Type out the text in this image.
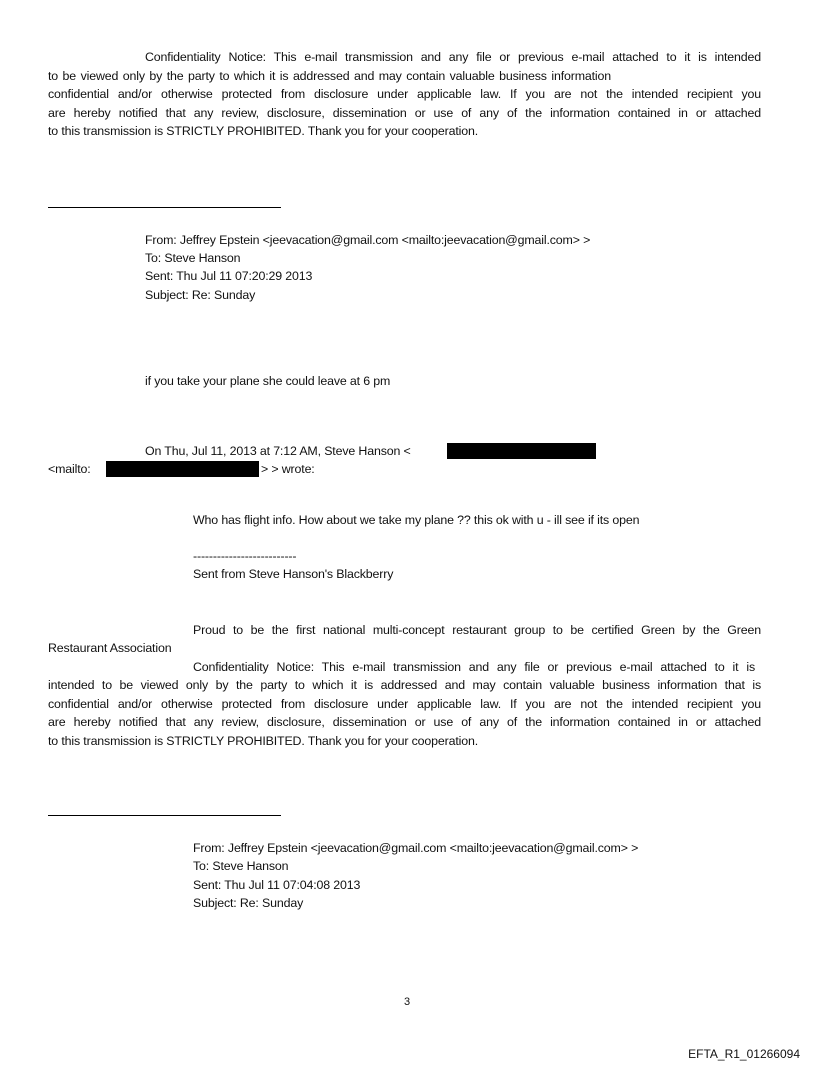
Confidentiality Notice: This e-mail transmission and any file or previous e-mail attached to it is intended
to be viewed only by the party to which it is addressed and may contain valuable business information
confidential and/or otherwise protected from disclosure under applicable law. If you are not the intended recipient you
are hereby notified that any review, disclosure, dissemination or use of any of the information contained in or attached
to this transmission is STRICTLY PROHIBITED. Thank you for your cooperation.
From: Jeffrey Epstein <jeevacation@gmail.com <mailto:jeevacation@gmail.com> >
To: Steve Hanson
Sent: Thu Jul 11 07:20:29 2013
Subject: Re: Sunday
if you take your plane she could leave at 6 pm
On Thu, Jul 11, 2013 at 7:12 AM, Steve Hanson <
<mailto:	> > wrote:
Who has flight info. How about we take my plane ?? this ok with u - ill see if its open
--------------------------
Sent from Steve Hanson's Blackberry
Proud to be the first national multi-concept restaurant group to be certified Green by the Green
Restaurant Association
Confidentiality Notice: This e-mail transmission and any file or previous e-mail attached to it is
intended to be viewed only by the party to which it is addressed and may contain valuable business information that is
confidential and/or otherwise protected from disclosure under applicable law. If you are not the intended recipient you
are hereby notified that any review, disclosure, dissemination or use of any of the information contained in or attached
to this transmission is STRICTLY PROHIBITED. Thank you for your cooperation.
From: Jeffrey Epstein <jeevacation@gmail.com <mailto:jeevacation@gmail.com> >
To: Steve Hanson
Sent: Thu Jul 11 07:04:08 2013
Subject: Re: Sunday
3
EFTA_R1_01266094
